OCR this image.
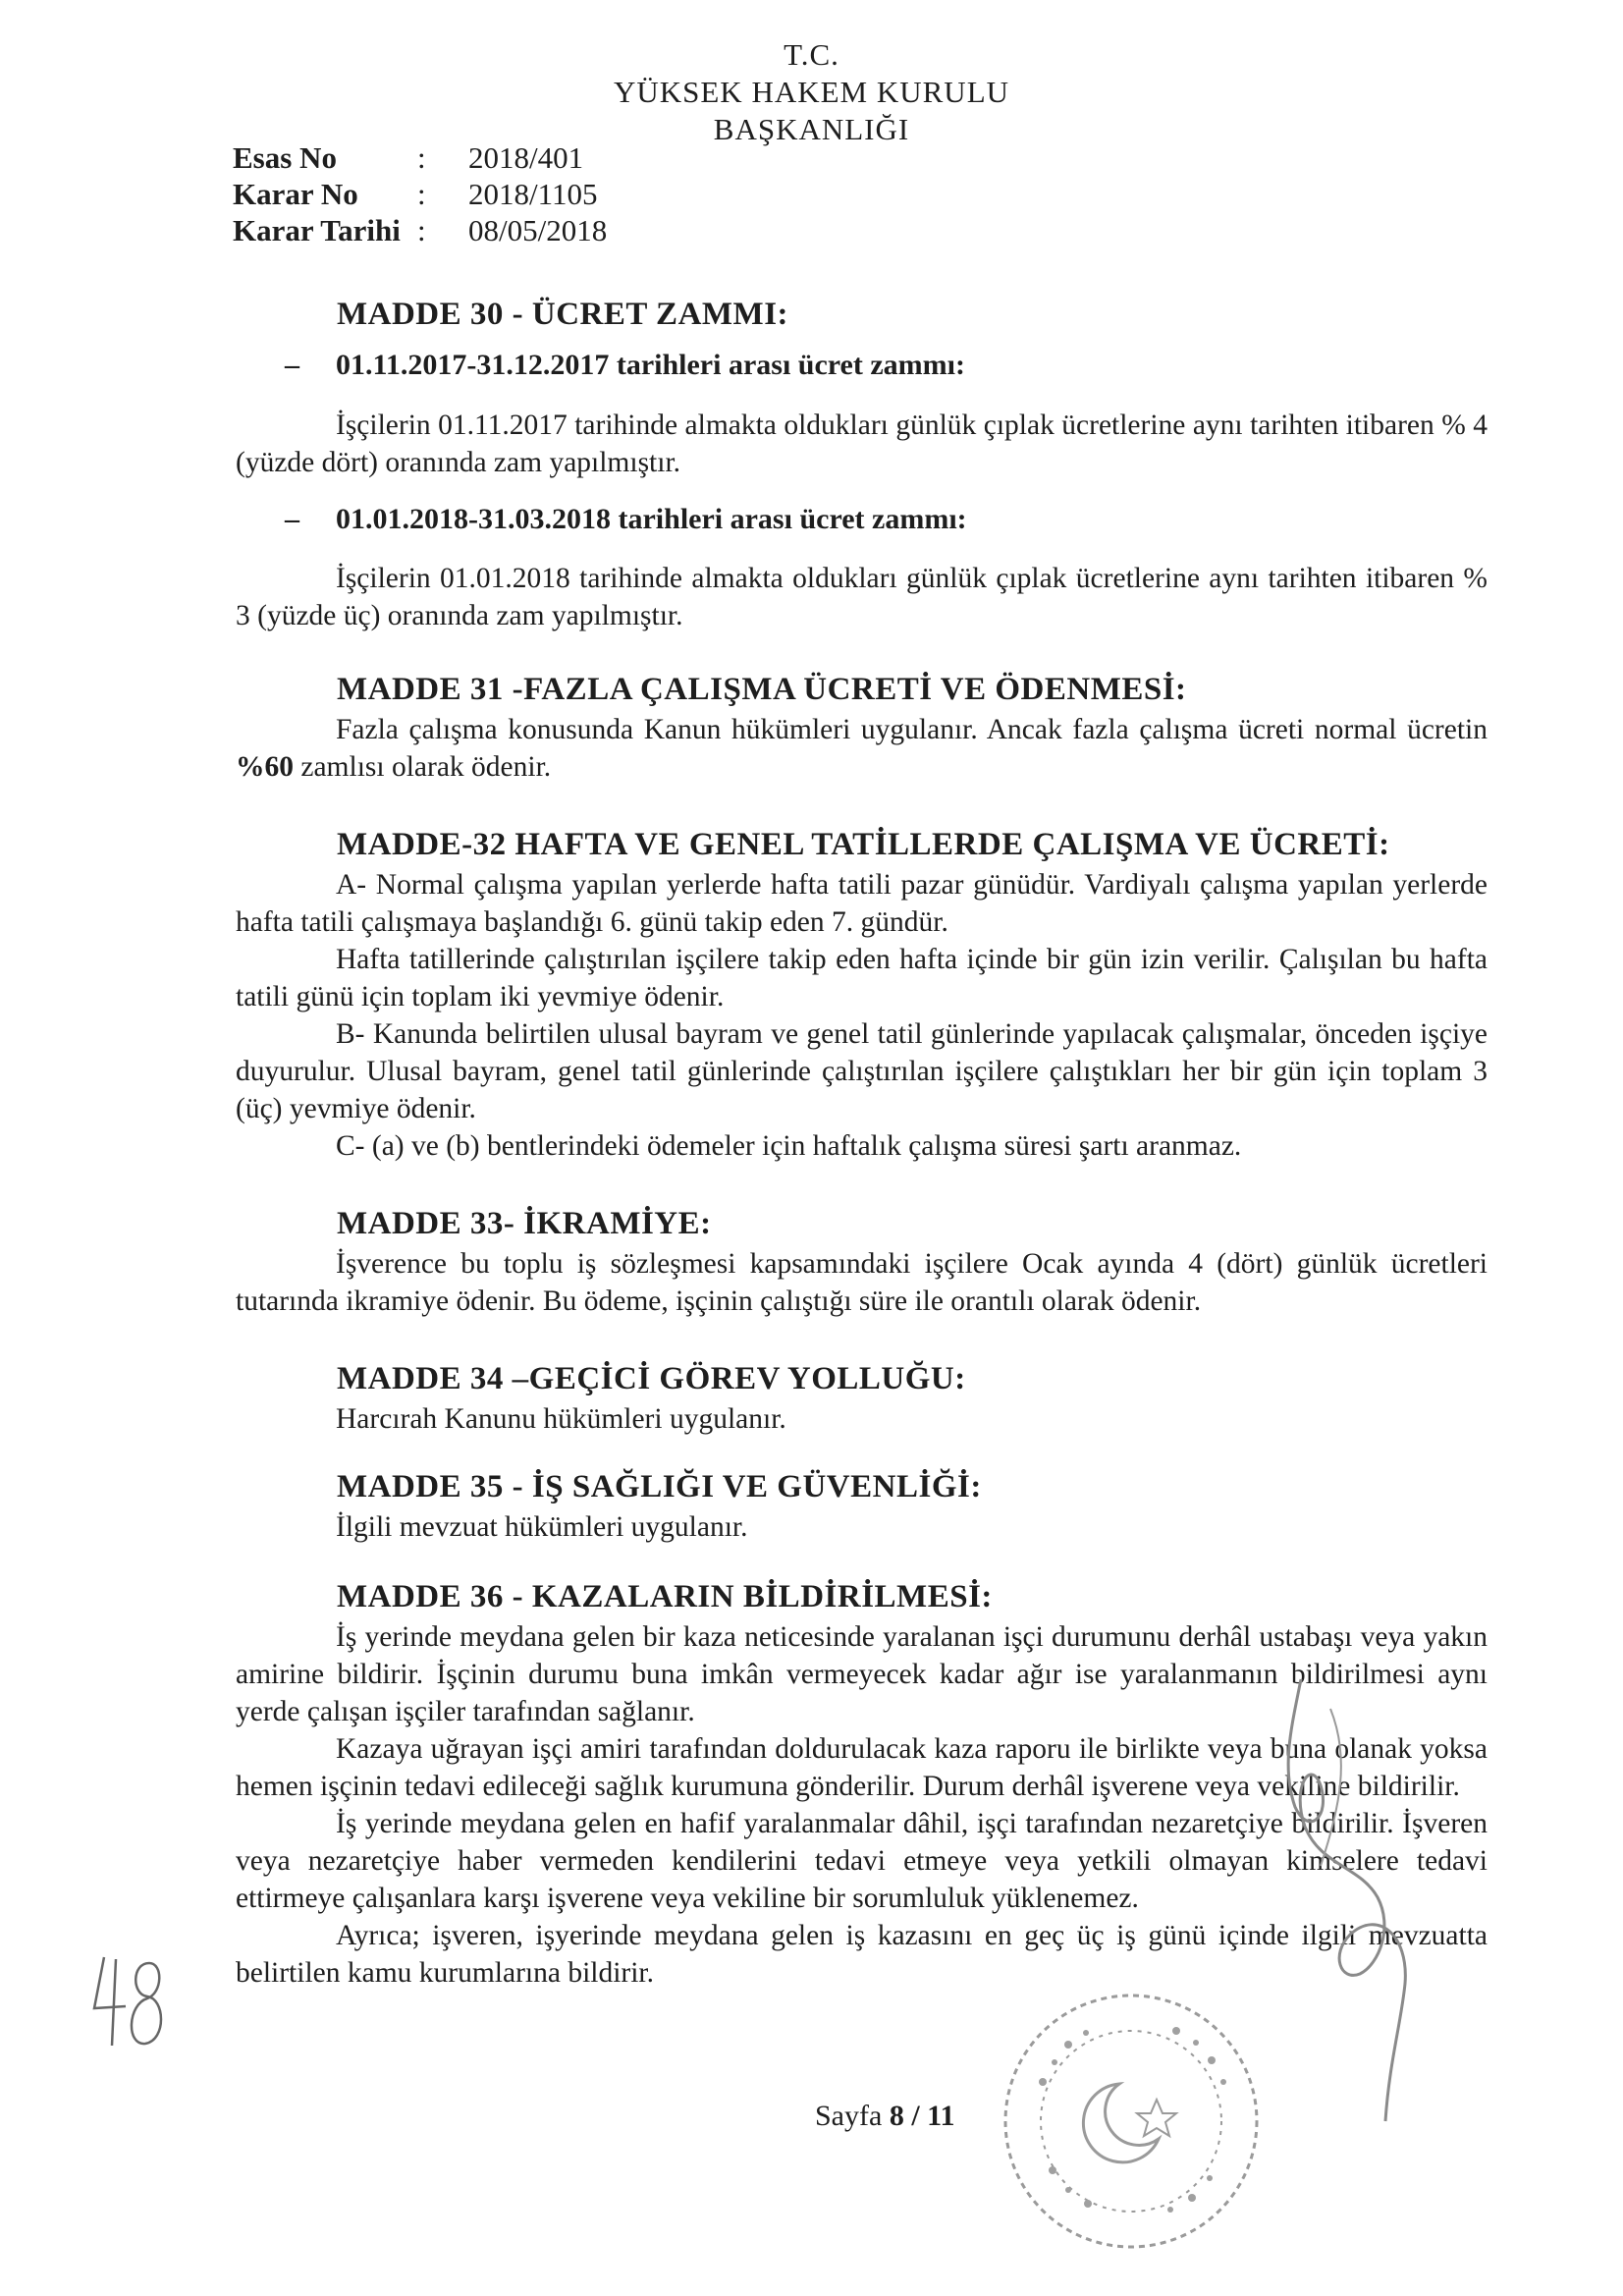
T.C.
YÜKSEK HAKEM KURULU
BAŞKANLIĞI
Esas No	:	2018/401
Karar No	:	2018/1105
Karar Tarihi :	08/05/2018
MADDE 30 - ÜCRET ZAMMI:
– 01.11.2017-31.12.2017 tarihleri arası ücret zammı:
İşçilerin 01.11.2017 tarihinde almakta oldukları günlük çıplak ücretlerine aynı tarihten itibaren % 4 (yüzde dört) oranında zam yapılmıştır.
– 01.01.2018-31.03.2018 tarihleri arası ücret zammı:
İşçilerin 01.01.2018 tarihinde almakta oldukları günlük çıplak ücretlerine aynı tarihten itibaren % 3 (yüzde üç) oranında zam yapılmıştır.
MADDE 31 -FAZLA ÇALIŞMA ÜCRETİ VE ÖDENMESİ:
Fazla çalışma konusunda Kanun hükümleri uygulanır. Ancak fazla çalışma ücreti normal ücretin %60 zamlısı olarak ödenir.
MADDE-32 HAFTA VE GENEL TATİLLERDE ÇALIŞMA VE ÜCRETİ:

A- Normal çalışma yapılan yerlerde hafta tatili pazar günüdür. Vardiyalı çalışma yapılan yerlerde hafta tatili çalışmaya başlandığı 6. günü takip eden 7. gündür.

Hafta tatillerinde çalıştırılan işçilere takip eden hafta içinde bir gün izin verilir. Çalışılan bu hafta tatili günü için toplam iki yevmiye ödenir.

B- Kanunda belirtilen ulusal bayram ve genel tatil günlerinde yapılacak çalışmalar, önceden işçiye duyurulur. Ulusal bayram, genel tatil günlerinde çalıştırılan işçilere çalıştıkları her bir gün için toplam 3 (üç) yevmiye ödenir.

C- (a) ve (b) bentlerindeki ödemeler için haftalık çalışma süresi şartı aranmaz.

MADDE 33- İKRAMİYE:
İşverence bu toplu iş sözleşmesi kapsamındaki işçilere Ocak ayında 4 (dört) günlük ücretleri tutarında ikramiye ödenir. Bu ödeme, işçinin çalıştığı süre ile orantılı olarak ödenir.
MADDE 34 –GEÇİCİ GÖREV YOLLUĞU:
Harcırah Kanunu hükümleri uygulanır.
MADDE 35 - İŞ SAĞLIĞI VE GÜVENLİĞİ:
İlgili mevzuat hükümleri uygulanır.
MADDE 36 - KAZALARIN BİLDİRİLMESİ:

İş yerinde meydana gelen bir kaza neticesinde yaralanan işçi durumunu derhâl ustabaşı veya yakın amirine bildirir. İşçinin durumu buna imkân vermeyecek kadar ağır ise yaralanmanın bildirilmesi aynı yerde çalışan işçiler tarafından sağlanır.

Kazaya uğrayan işçi amiri tarafından doldurulacak kaza raporu ile birlikte veya buna olanak yoksa hemen işçinin tedavi edileceği sağlık kurumuna gönderilir. Durum derhâl işverene veya vekiline bildirilir.

İş yerinde meydana gelen en hafif yaralanmalar dâhil, işçi tarafından nezaretçiye bildirilir. İşveren veya nezaretçiye haber vermeden kendilerini tedavi etmeye veya yetkili olmayan kimselere tedavi ettirmeye çalışanlara karşı işverene veya vekiline bir sorumluluk yüklenemez.

Ayrıca; işveren, işyerinde meydana gelen iş kazasını en geç üç iş günü içinde ilgili mevzuatta belirtilen kamu kurumlarına bildirir.

Sayfa 8 / 11
